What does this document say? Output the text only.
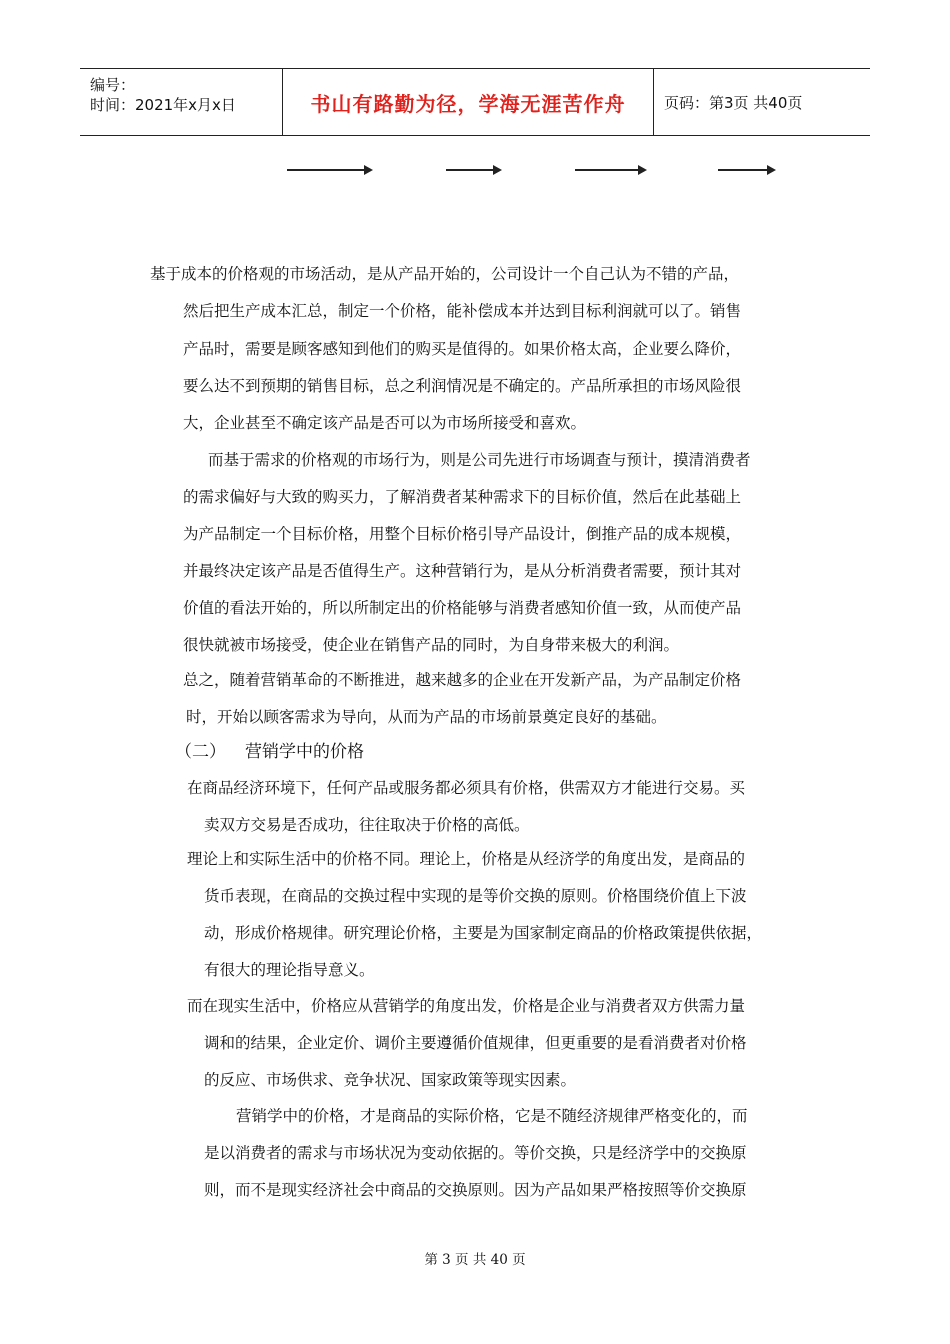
编号：
时间：2021年x月x日	书山有路勤为径，学海无涯苦作舟	页码：第3页 共40页
基于成本的价格观的市场活动，是从产品开始的，公司设计一个自己认为不错的产品，
然后把生产成本汇总，制定一个价格，能补偿成本并达到目标利润就可以了。销售
产品时，需要是顾客感知到他们的购买是值得的。如果价格太高，企业要么降价，
要么达不到预期的销售目标，总之利润情况是不确定的。产品所承担的市场风险很
大，企业甚至不确定该产品是否可以为市场所接受和喜欢。
而基于需求的价格观的市场行为，则是公司先进行市场调查与预计，摸清消费者
的需求偏好与大致的购买力，了解消费者某种需求下的目标价值，然后在此基础上
为产品制定一个目标价格，用整个目标价格引导产品设计，倒推产品的成本规模，
并最终决定该产品是否值得生产。这种营销行为，是从分析消费者需要，预计其对
价值的看法开始的，所以所制定出的价格能够与消费者感知价值一致，从而使产品
很快就被市场接受，使企业在销售产品的同时，为自身带来极大的利润。
总之，随着营销革命的不断推进，越来越多的企业在开发新产品，为产品制定价格
时，开始以顾客需求为导向，从而为产品的市场前景奠定良好的基础。
（二） 营销学中的价格
在商品经济环境下，任何产品或服务都必须具有价格，供需双方才能进行交易。买
卖双方交易是否成功，往往取决于价格的高低。
理论上和实际生活中的价格不同。理论上，价格是从经济学的角度出发，是商品的
货币表现，在商品的交换过程中实现的是等价交换的原则。价格围绕价值上下波
动，形成价格规律。研究理论价格，主要是为国家制定商品的价格政策提供依据，
有很大的理论指导意义。
而在现实生活中，价格应从营销学的角度出发，价格是企业与消费者双方供需力量
调和的结果，企业定价、调价主要遵循价值规律，但更重要的是看消费者对价格
的反应、市场供求、竞争状况、国家政策等现实因素。
营销学中的价格，才是商品的实际价格，它是不随经济规律严格变化的，而
是以消费者的需求与市场状况为变动依据的。等价交换，只是经济学中的交换原
则，而不是现实经济社会中商品的交换原则。因为产品如果严格按照等价交换原
第 3 页 共 40 页
